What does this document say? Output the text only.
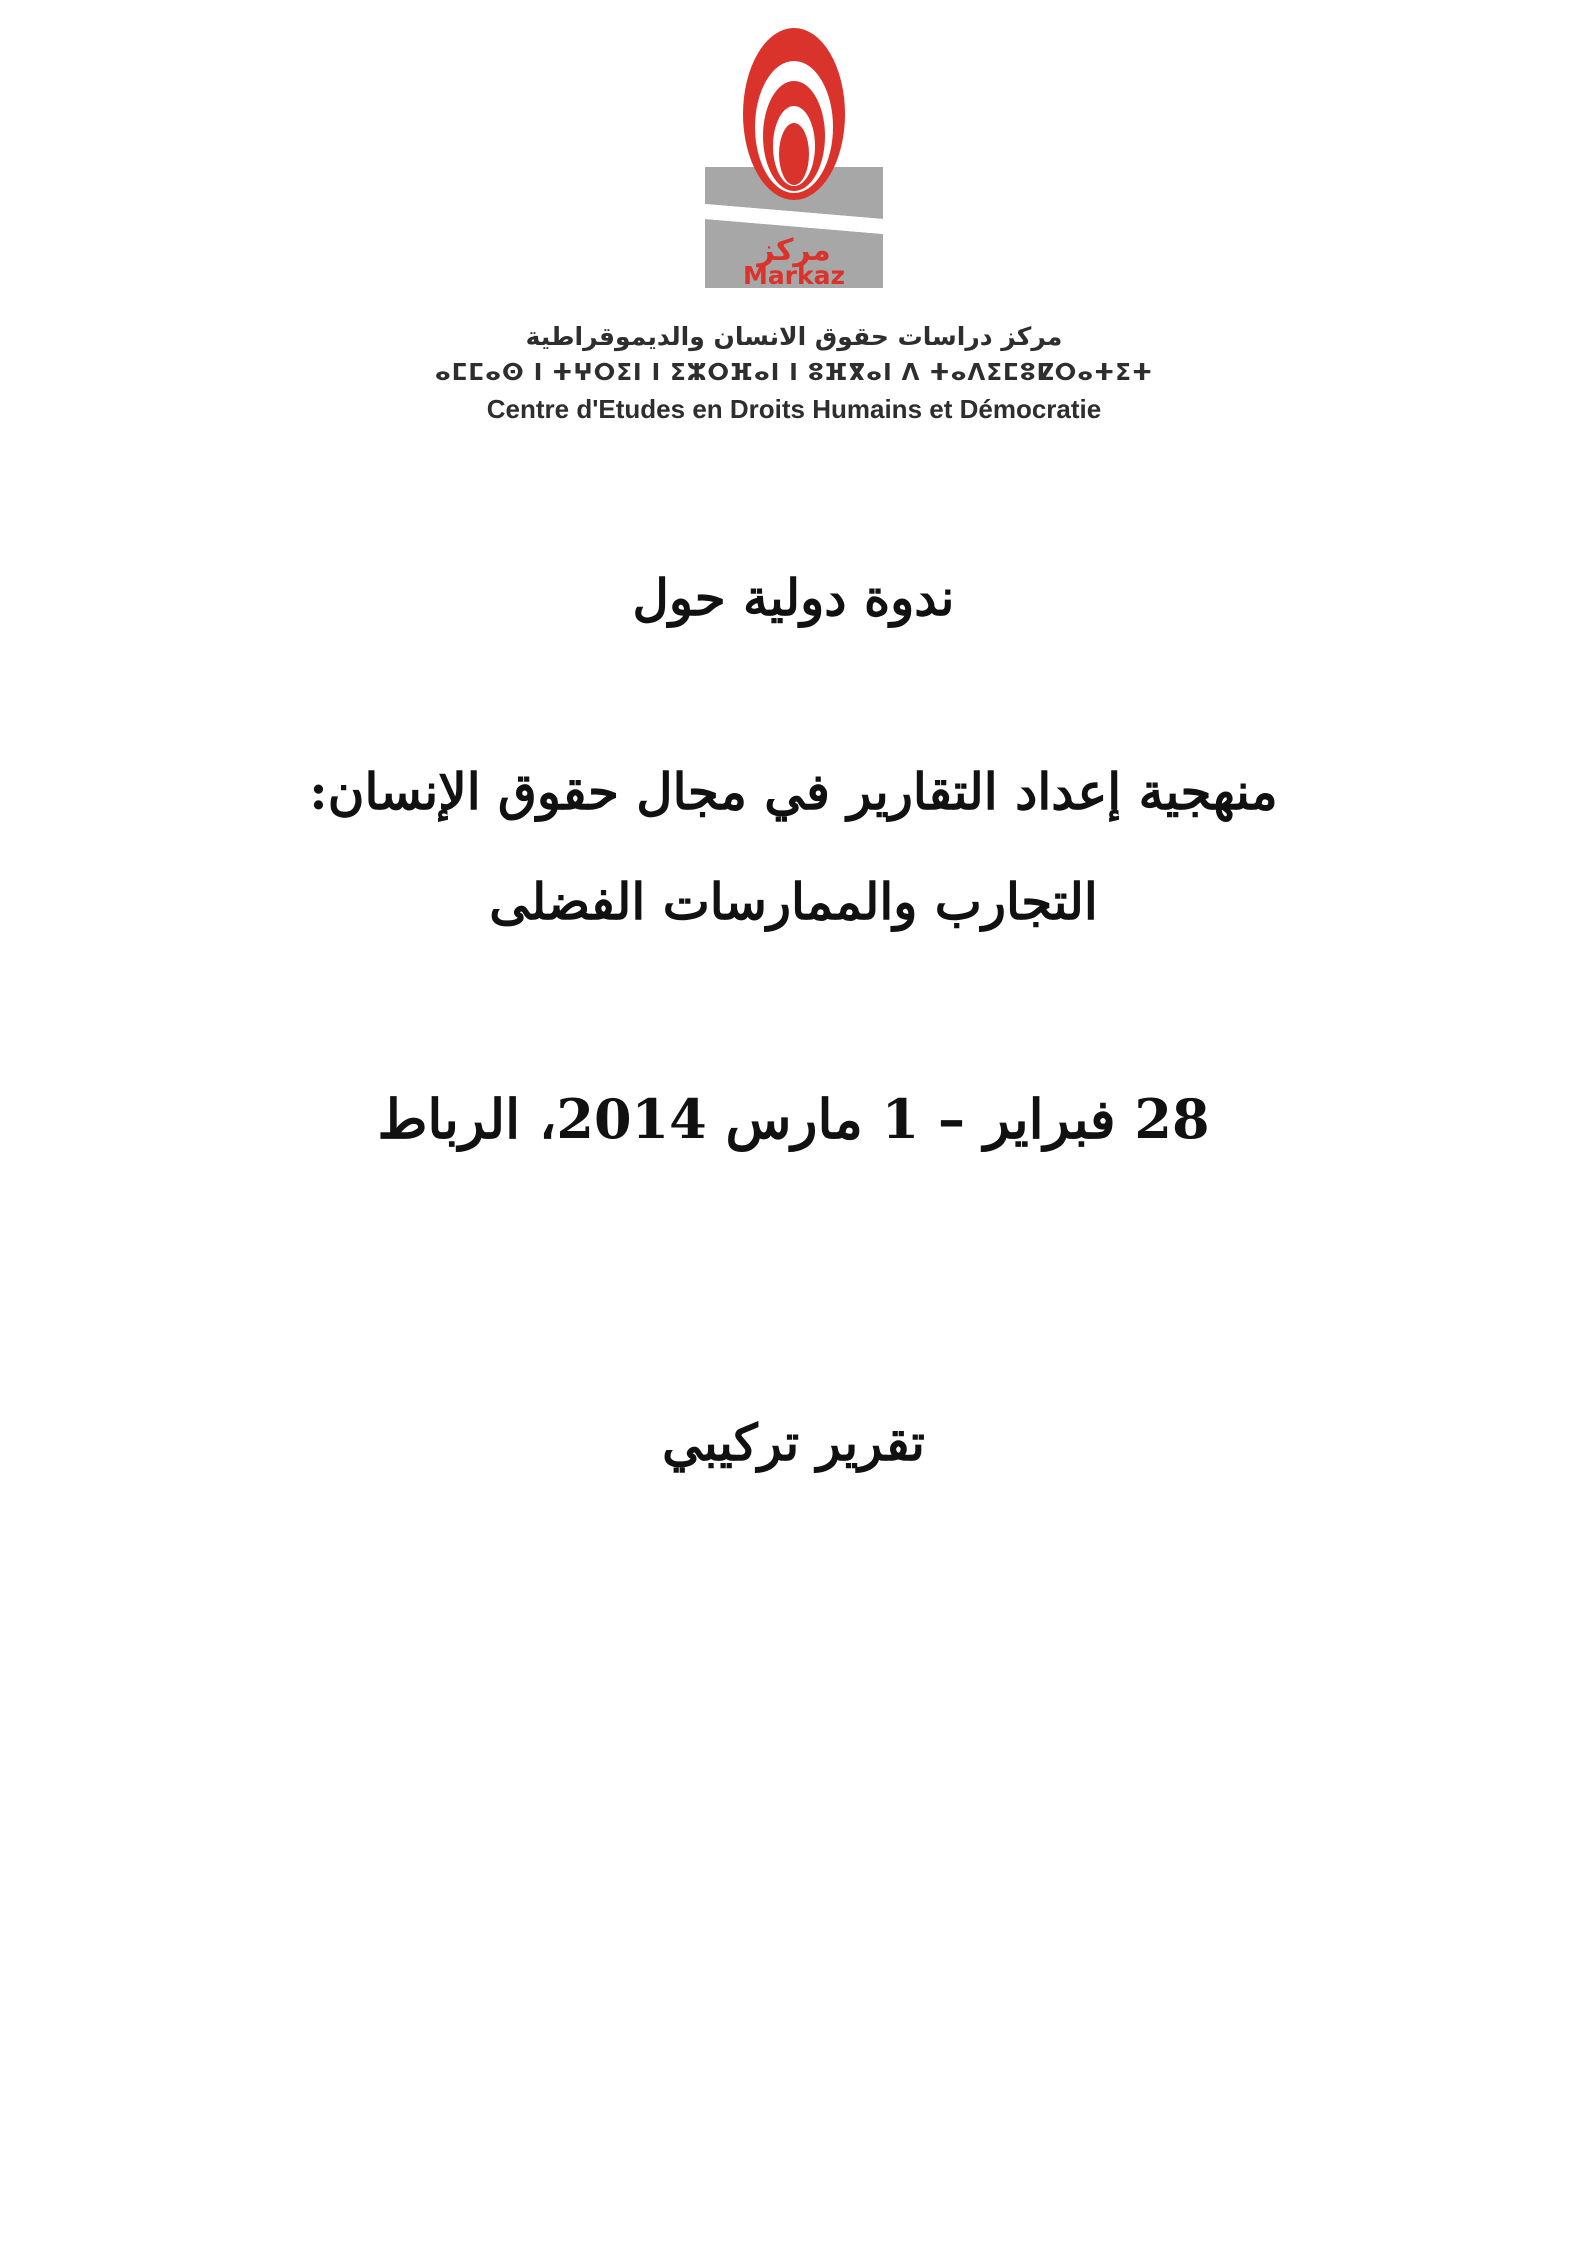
مركز
Markaz
مركز دراسات حقوق الانسان والديموقراطية
ⴰⵎⵎⴰⵙ ⵏ ⵜⵖⵔⵉⵏ ⵏ ⵉⵣⵔⴼⴰⵏ ⵏ ⵓⴼⴳⴰⵏ ⴷ ⵜⴰⴷⵉⵎⵓⵇⵔⴰⵜⵉⵜ
Centre d'Etudes en Droits Humains et Démocratie
ندوة دولية حول
منهجية إعداد التقارير في مجال حقوق الإنسان:
التجارب والممارسات الفضلى
28 فبراير – 1 مارس 2014، الرباط
تقرير تركيبي
